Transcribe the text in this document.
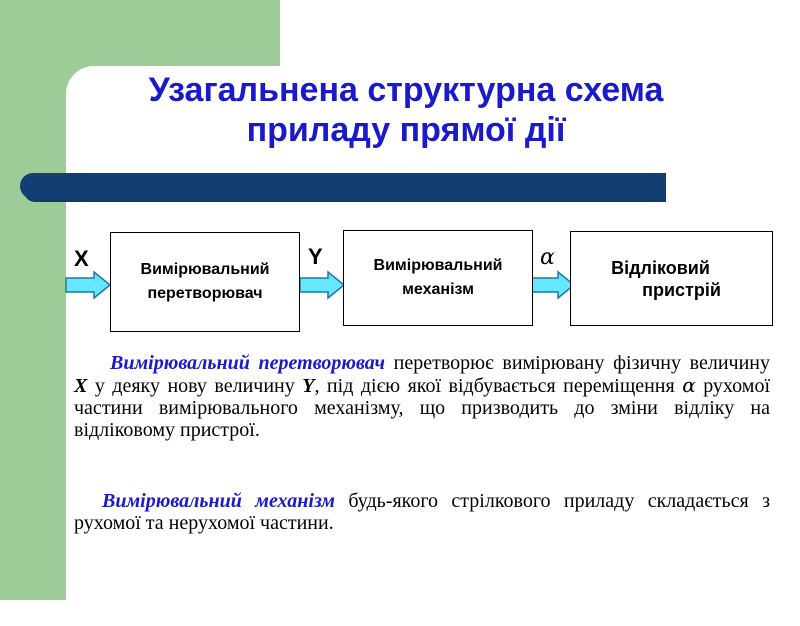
Узагальнена структурна схема
приладу прямої дії
X	Y	α
Вимірювальний
перетворювач
Вимірювальний
механізм
Відліковий
пристрій

Вимірювальний перетворювач перетворює вимірювану фізичну величину X у деяку нову величину Y, під дією якої відбувається переміщення α рухомої частини вимірювального механізму, що призводить до зміни відліку на відліковому пристрої.

Вимірювальний механізм будь-якого стрілкового приладу складається з рухомої та нерухомої частини.
